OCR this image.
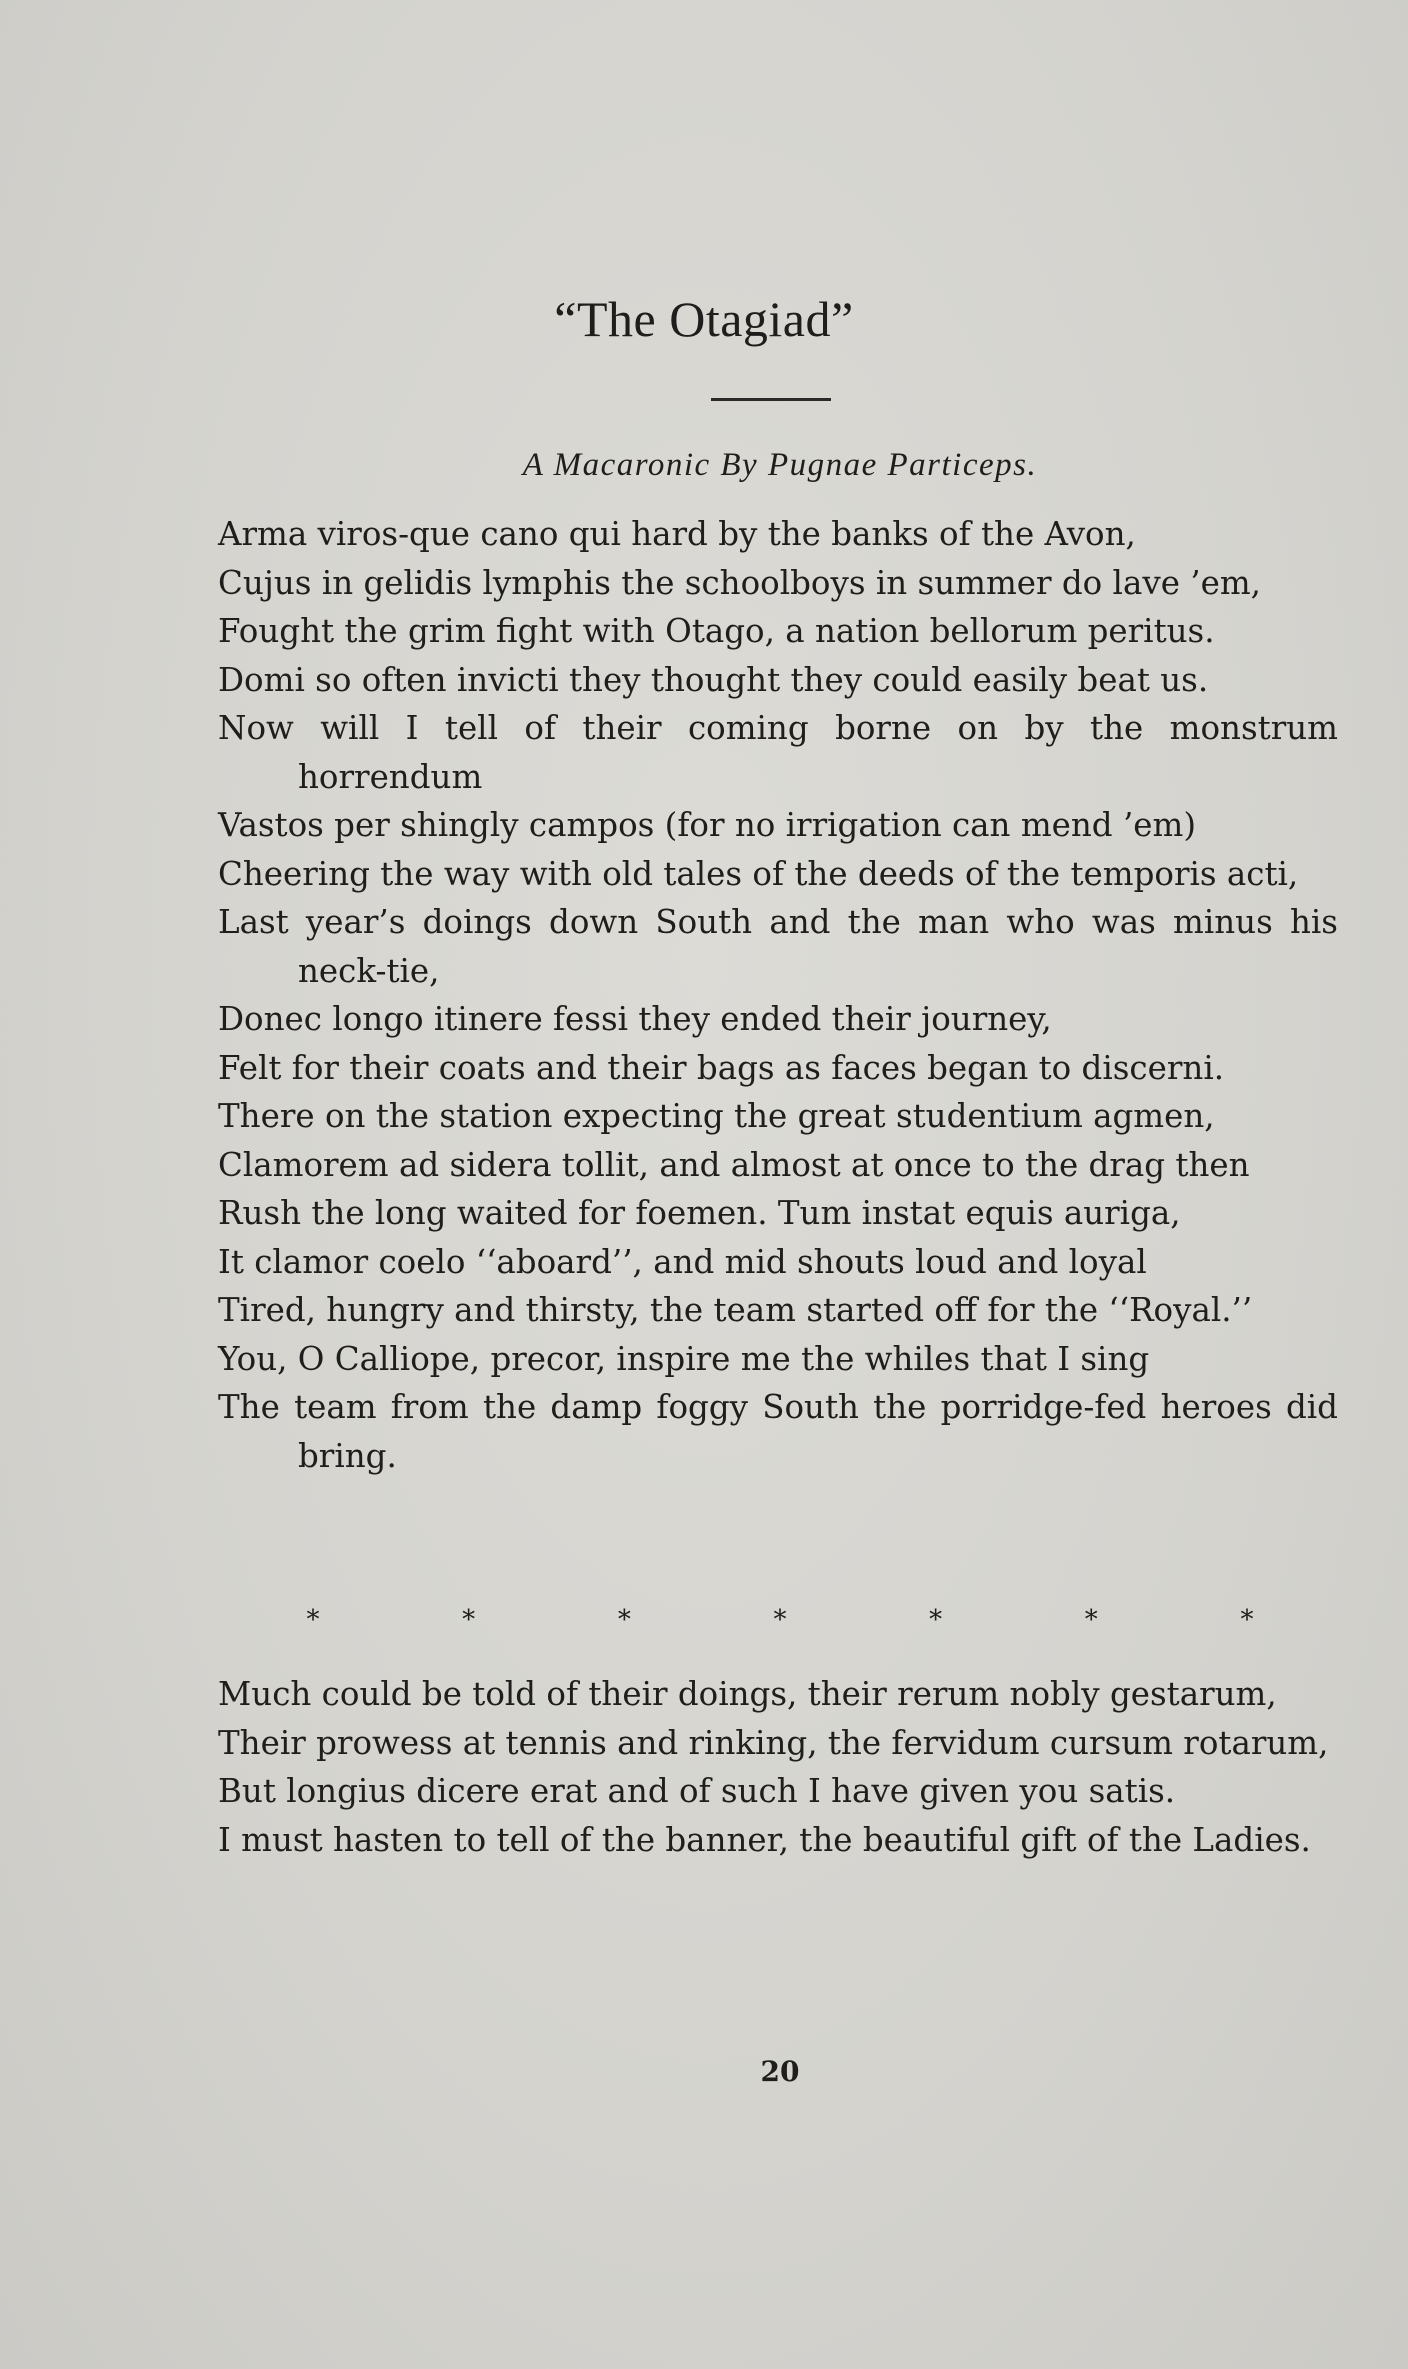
“The Otagiad”

A Macaronic By Pugnae Particeps.

Arma viros-que cano qui hard by the banks of the Avon,

Cujus in gelidis lymphis the schoolboys in summer do lave ’em,

Fought the grim fight with Otago, a nation bellorum peritus.

Domi so often invicti they thought they could easily beat us.

Now will I tell of their coming borne on by the monstrum horrendum

Vastos per shingly campos (for no irrigation can mend ’em)

Cheering the way with old tales of the deeds of the temporis acti,

Last year’s doings down South and the man who was minus his neck-tie,

Donec longo itinere fessi they ended their journey,

Felt for their coats and their bags as faces began to discerni.

There on the station expecting the great studentium agmen,

Clamorem ad sidera tollit, and almost at once to the drag then

Rush the long waited for foemen. Tum instat equis auriga,

It clamor coelo ‘‘aboard’’, and mid shouts loud and loyal

Tired, hungry and thirsty, the team started off for the ‘‘Royal.’’

You, O Calliope, precor, inspire me the whiles that I sing

The team from the damp foggy South the porridge-fed heroes did bring.

*	*	*	*	*	*	*

Much could be told of their doings, their rerum nobly gestarum,

Their prowess at tennis and rinking, the fervidum cursum rotarum,

But longius dicere erat and of such I have given you satis.

I must hasten to tell of the banner, the beautiful gift of the Ladies.

20
